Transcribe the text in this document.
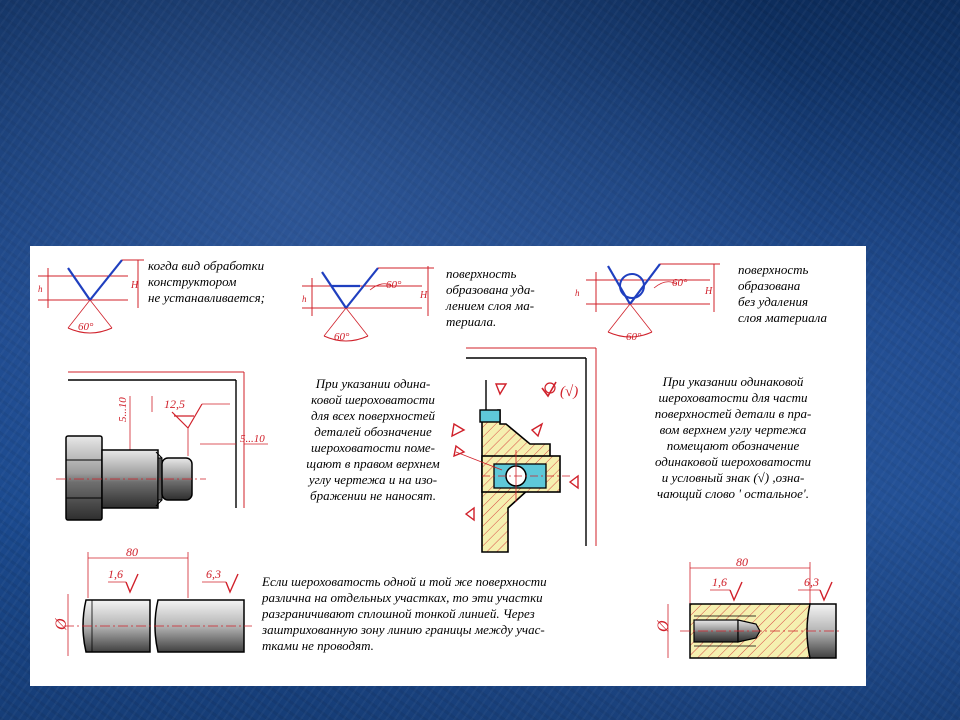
h	H
60°
h	H
60°
60°
h	H
60°
60°
12,5
5...10
5...10
(√)
80
1,6	6,3
Ø
80
1,6	6,3
Ø

когда вид обработки
конструктором
не устанавливается;

поверхность
образована уда-
лением слоя ма-
териала.

поверхность
образована
без удаления
слоя материала

При указании одина-
ковой шероховатости
для всех поверхностей
деталей обозначение
шероховатости поме-
щают в правом верхнем
углу чертежа и на изо-
бражении не наносят.

При указании одинаковой
шероховатости для части
поверхностей детали в пра-
вом верхнем углу чертежа
помещают обозначение
одинаковой шероховатости
и условный знак (√) ,озна-
чающий слово ' остальное'.

Если шероховатость одной и той же поверхности
различна на отдельных участках, то эти участки
разграничивают сплошной тонкой линией. Через
заштрихованную зону линию границы между учас-
тками не проводят.
